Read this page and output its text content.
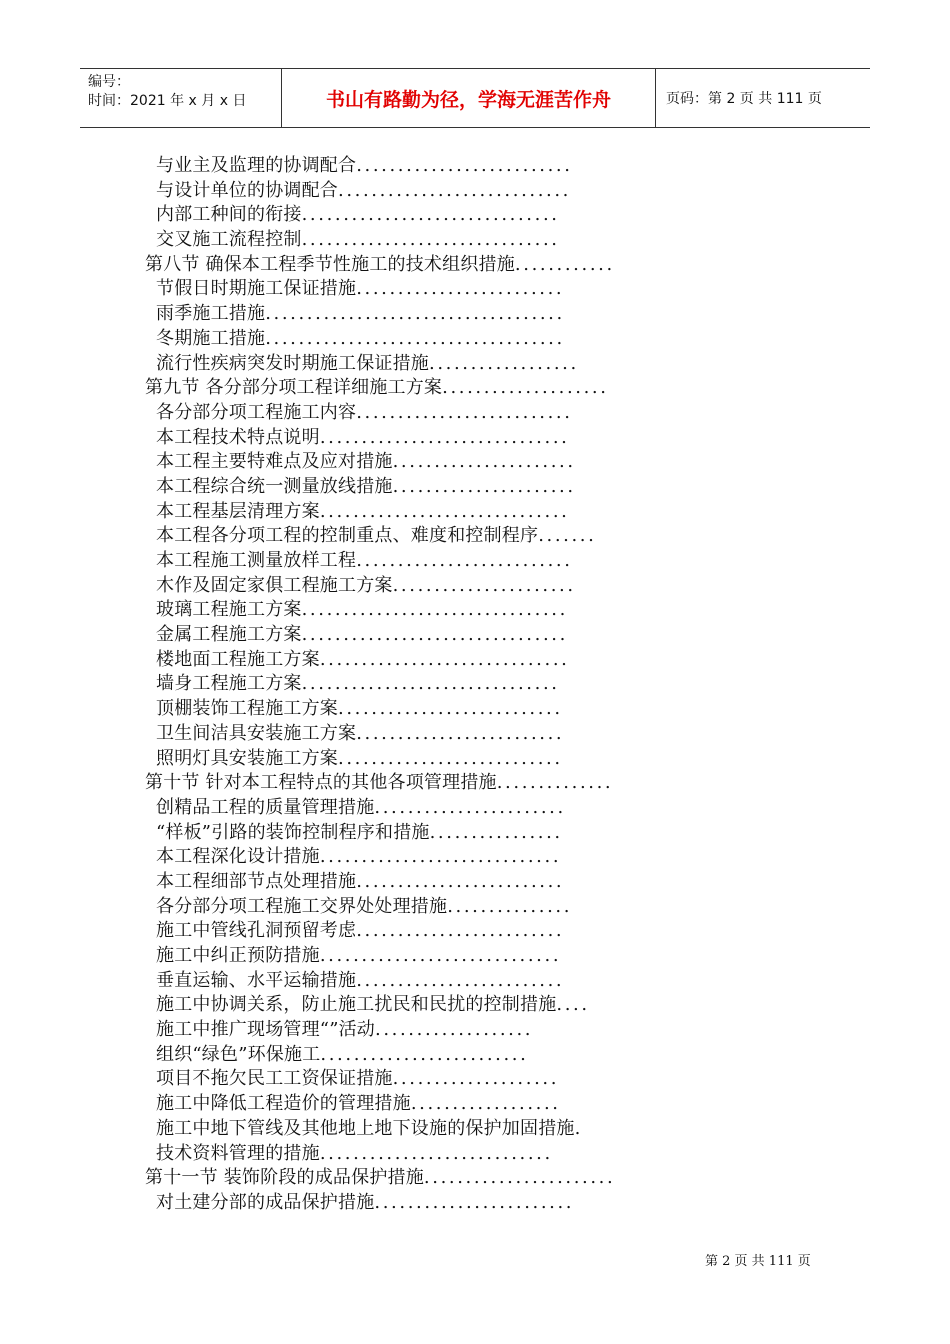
编号：
时间：2021 年 x 月 x 日	书山有路勤为径，学海无涯苦作舟	页码：第 2 页 共 111 页
与业主及监理的协调配合..........................
与设计单位的协调配合............................
内部工种间的衔接...............................
交叉施工流程控制...............................
第八节 确保本工程季节性施工的技术组织措施............
节假日时期施工保证措施.........................
雨季施工措施....................................
冬期施工措施....................................
流行性疾病突发时期施工保证措施..................
第九节 各分部分项工程详细施工方案....................
各分部分项工程施工内容..........................
本工程技术特点说明..............................
本工程主要特难点及应对措施......................
本工程综合统一测量放线措施......................
本工程基层清理方案..............................
本工程各分项工程的控制重点、难度和控制程序.......
本工程施工测量放样工程..........................
木作及固定家俱工程施工方案......................
玻璃工程施工方案................................
金属工程施工方案................................
楼地面工程施工方案..............................
墙身工程施工方案...............................
顶棚装饰工程施工方案...........................
卫生间洁具安装施工方案.........................
照明灯具安装施工方案...........................
第十节 针对本工程特点的其他各项管理措施..............
创精品工程的质量管理措施.......................
“样板”引路的装饰控制程序和措施................
本工程深化设计措施.............................
本工程细部节点处理措施.........................
各分部分项工程施工交界处处理措施...............
施工中管线孔洞预留考虑.........................
施工中纠正预防措施.............................
垂直运输、水平运输措施.........................
施工中协调关系，防止施工扰民和民扰的控制措施....
施工中推广现场管理“”活动...................
组织“绿色”环保施工.........................
项目不拖欠民工工资保证措施....................
施工中降低工程造价的管理措施..................
施工中地下管线及其他地上地下设施的保护加固措施.
技术资料管理的措施............................
第十一节 装饰阶段的成品保护措施.......................
对土建分部的成品保护措施........................
第 2 页 共 111 页
